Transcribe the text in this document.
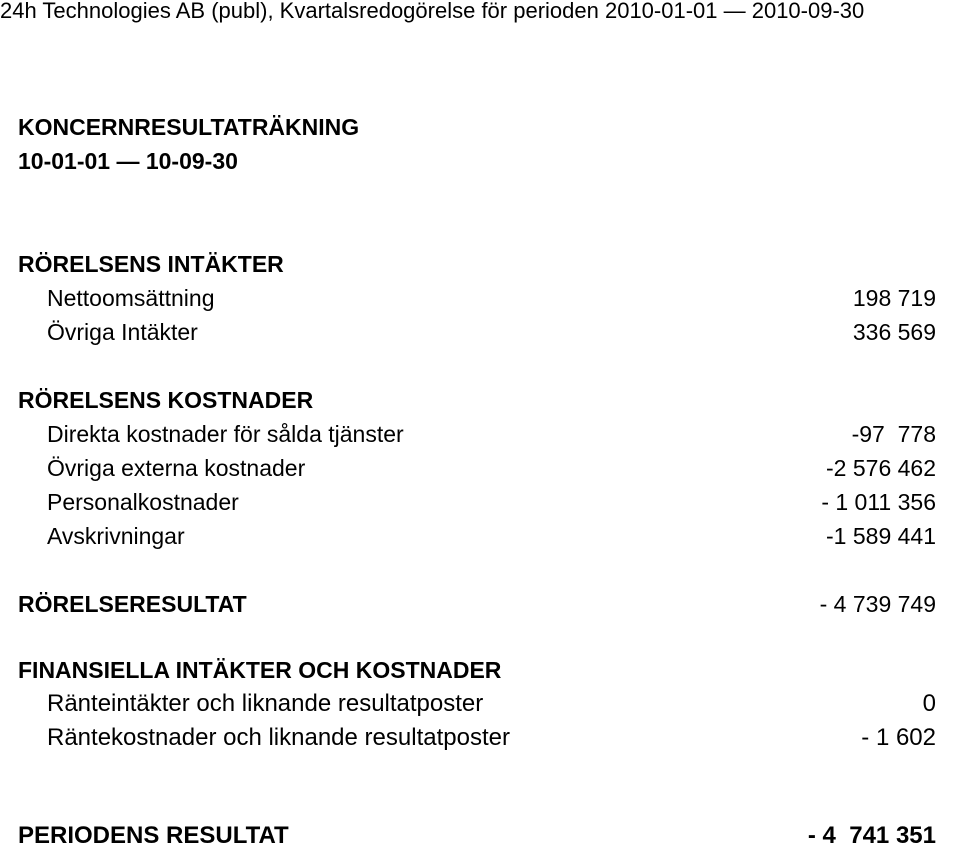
24h Technologies AB (publ), Kvartalsredogörelse för perioden 2010-01-01 — 2010-09-30
KONCERNRESULTATRÄKNING
10-01-01 — 10-09-30
RÖRELSENS INTÄKTER
Nettoomsättning	198 719
Övriga Intäkter	336 569
RÖRELSENS KOSTNADER
Direkta kostnader för sålda tjänster	-97  778
Övriga externa kostnader	-2 576 462
Personalkostnader	- 1 011 356
Avskrivningar	-1 589 441
RÖRELSERESULTAT	- 4 739 749
FINANSIELLA INTÄKTER OCH KOSTNADER
Ränteintäkter och liknande resultatposter	0
Räntekostnader och liknande resultatposter	- 1 602
PERIODENS RESULTAT	- 4  741 351
